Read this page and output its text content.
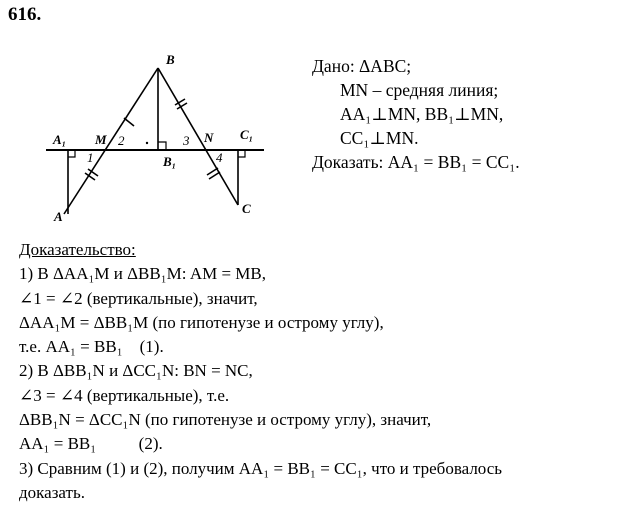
616.
B
A
C
A₁
B₁
C₁
M	N
1
2	3
4
Дано: ΔABC;
MN – средняя линия;
AA₁⊥MN, BB₁⊥MN,
CC₁⊥MN.
Доказать: AA₁ = BB₁ = CC₁.
Доказательство:
1) В ΔAA₁M и ΔBB₁M: AM = MB,
∠1 = ∠2 (вертикальные), значит,
ΔAA₁M = ΔBB₁M (по гипотенузе и острому углу),
т.е. AA₁ = BB₁    (1).
2) В ΔBB₁N и ΔCC₁N: BN = NC,
∠3 = ∠4 (вертикальные), т.е.
ΔBB₁N = ΔCC₁N (по гипотенузе и острому углу), значит,
AA₁ = BB₁          (2).
3) Сравним (1) и (2), получим AA₁ = BB₁ = CC₁, что и требовалось
доказать.
